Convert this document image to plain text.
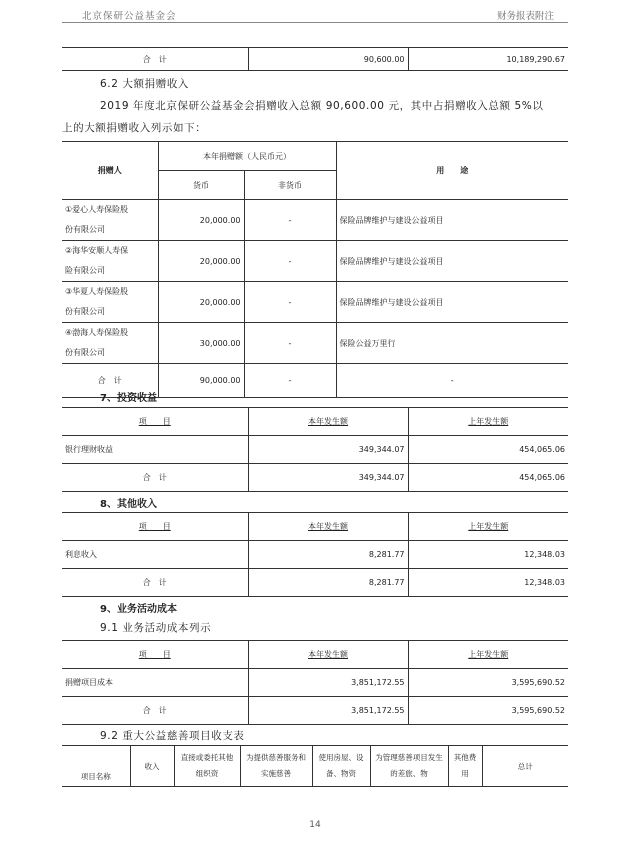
北京保研公益基金会	财务报表附注
合　计	90,600.00	10,189,290.67
6.2 大额捐赠收入
2019 年度北京保研公益基金会捐赠收入总额 90,600.00 元，其中占捐赠收入总额 5%以
上的大额捐赠收入列示如下：
捐赠人	本年捐赠额（人民币元）		用　　途
	货币	非货币	
①爱心人寿保险股
份有限公司	20,000.00	-	保险品牌维护与建设公益项目
②海华安顺人寿保
险有限公司	20,000.00	-	保险品牌维护与建设公益项目
③华夏人寿保险股
份有限公司	20,000.00	-	保险品牌维护与建设公益项目
④渤海人寿保险股
份有限公司	30,000.00	-	保险公益万里行
合　计	90,000.00	-	-
7、投资收益
项　　目	本年发生额	上年发生额
银行理财收益	349,344.07	454,065.06
合　计	349,344.07	454,065.06
8、其他收入
项　　目	本年发生额	上年发生额
利息收入	8,281.77	12,348.03
合　计	8,281.77	12,348.03
9、业务活动成本
9.1 业务活动成本列示
项　　目	本年发生额	上年发生额
捐赠项目成本	3,851,172.55	3,595,690.52
合　计	3,851,172.55	3,595,690.52
9.2 重大公益慈善项目收支表
项目名称	收入	直接或委托其他组织资	为提供慈善服务和实施慈善	使用房屋、设备、物资	为管理慈善项目发生的差旅、物	其他费用	总计
14
